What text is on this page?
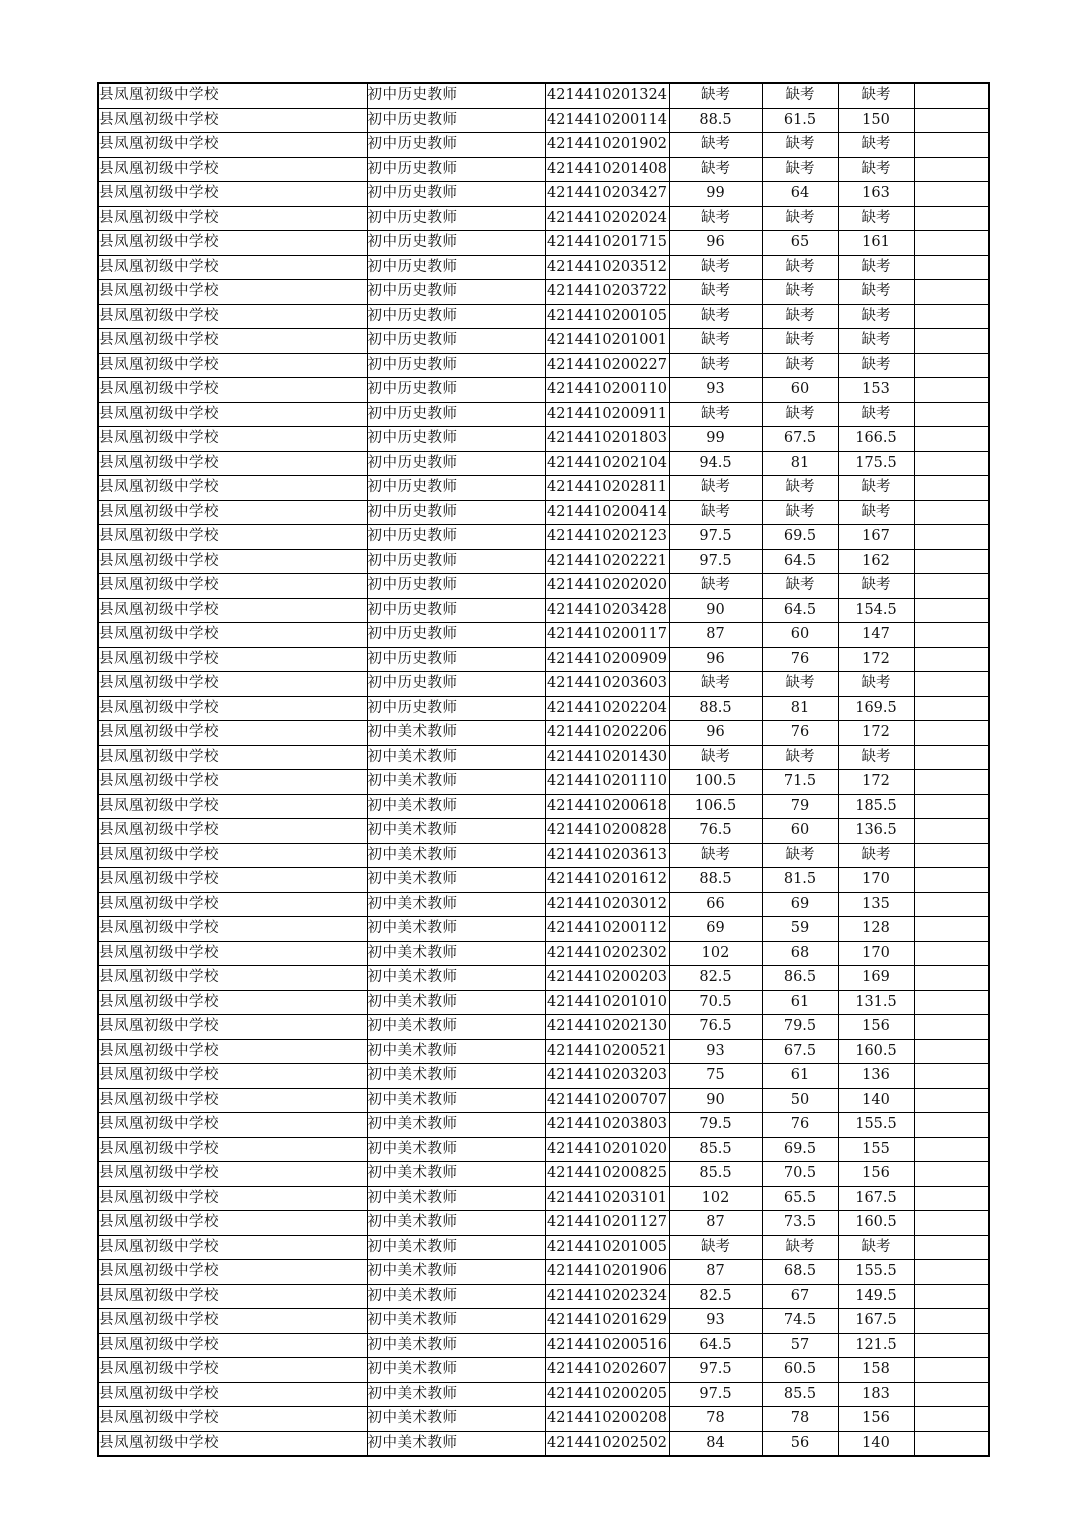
县凤凰初级中学校	初中历史教师	4214410201324	缺考	缺考	缺考	
县凤凰初级中学校	初中历史教师	4214410200114	88.5	61.5	150	
县凤凰初级中学校	初中历史教师	4214410201902	缺考	缺考	缺考	
县凤凰初级中学校	初中历史教师	4214410201408	缺考	缺考	缺考	
县凤凰初级中学校	初中历史教师	4214410203427	99	64	163	
县凤凰初级中学校	初中历史教师	4214410202024	缺考	缺考	缺考	
县凤凰初级中学校	初中历史教师	4214410201715	96	65	161	
县凤凰初级中学校	初中历史教师	4214410203512	缺考	缺考	缺考	
县凤凰初级中学校	初中历史教师	4214410203722	缺考	缺考	缺考	
县凤凰初级中学校	初中历史教师	4214410200105	缺考	缺考	缺考	
县凤凰初级中学校	初中历史教师	4214410201001	缺考	缺考	缺考	
县凤凰初级中学校	初中历史教师	4214410200227	缺考	缺考	缺考	
县凤凰初级中学校	初中历史教师	4214410200110	93	60	153	
县凤凰初级中学校	初中历史教师	4214410200911	缺考	缺考	缺考	
县凤凰初级中学校	初中历史教师	4214410201803	99	67.5	166.5	
县凤凰初级中学校	初中历史教师	4214410202104	94.5	81	175.5	
县凤凰初级中学校	初中历史教师	4214410202811	缺考	缺考	缺考	
县凤凰初级中学校	初中历史教师	4214410200414	缺考	缺考	缺考	
县凤凰初级中学校	初中历史教师	4214410202123	97.5	69.5	167	
县凤凰初级中学校	初中历史教师	4214410202221	97.5	64.5	162	
县凤凰初级中学校	初中历史教师	4214410202020	缺考	缺考	缺考	
县凤凰初级中学校	初中历史教师	4214410203428	90	64.5	154.5	
县凤凰初级中学校	初中历史教师	4214410200117	87	60	147	
县凤凰初级中学校	初中历史教师	4214410200909	96	76	172	
县凤凰初级中学校	初中历史教师	4214410203603	缺考	缺考	缺考	
县凤凰初级中学校	初中历史教师	4214410202204	88.5	81	169.5	
县凤凰初级中学校	初中美术教师	4214410202206	96	76	172	
县凤凰初级中学校	初中美术教师	4214410201430	缺考	缺考	缺考	
县凤凰初级中学校	初中美术教师	4214410201110	100.5	71.5	172	
县凤凰初级中学校	初中美术教师	4214410200618	106.5	79	185.5	
县凤凰初级中学校	初中美术教师	4214410200828	76.5	60	136.5	
县凤凰初级中学校	初中美术教师	4214410203613	缺考	缺考	缺考	
县凤凰初级中学校	初中美术教师	4214410201612	88.5	81.5	170	
县凤凰初级中学校	初中美术教师	4214410203012	66	69	135	
县凤凰初级中学校	初中美术教师	4214410200112	69	59	128	
县凤凰初级中学校	初中美术教师	4214410202302	102	68	170	
县凤凰初级中学校	初中美术教师	4214410200203	82.5	86.5	169	
县凤凰初级中学校	初中美术教师	4214410201010	70.5	61	131.5	
县凤凰初级中学校	初中美术教师	4214410202130	76.5	79.5	156	
县凤凰初级中学校	初中美术教师	4214410200521	93	67.5	160.5	
县凤凰初级中学校	初中美术教师	4214410203203	75	61	136	
县凤凰初级中学校	初中美术教师	4214410200707	90	50	140	
县凤凰初级中学校	初中美术教师	4214410203803	79.5	76	155.5	
县凤凰初级中学校	初中美术教师	4214410201020	85.5	69.5	155	
县凤凰初级中学校	初中美术教师	4214410200825	85.5	70.5	156	
县凤凰初级中学校	初中美术教师	4214410203101	102	65.5	167.5	
县凤凰初级中学校	初中美术教师	4214410201127	87	73.5	160.5	
县凤凰初级中学校	初中美术教师	4214410201005	缺考	缺考	缺考	
县凤凰初级中学校	初中美术教师	4214410201906	87	68.5	155.5	
县凤凰初级中学校	初中美术教师	4214410202324	82.5	67	149.5	
县凤凰初级中学校	初中美术教师	4214410201629	93	74.5	167.5	
县凤凰初级中学校	初中美术教师	4214410200516	64.5	57	121.5	
县凤凰初级中学校	初中美术教师	4214410202607	97.5	60.5	158	
县凤凰初级中学校	初中美术教师	4214410200205	97.5	85.5	183	
县凤凰初级中学校	初中美术教师	4214410200208	78	78	156	
县凤凰初级中学校	初中美术教师	4214410202502	84	56	140	
